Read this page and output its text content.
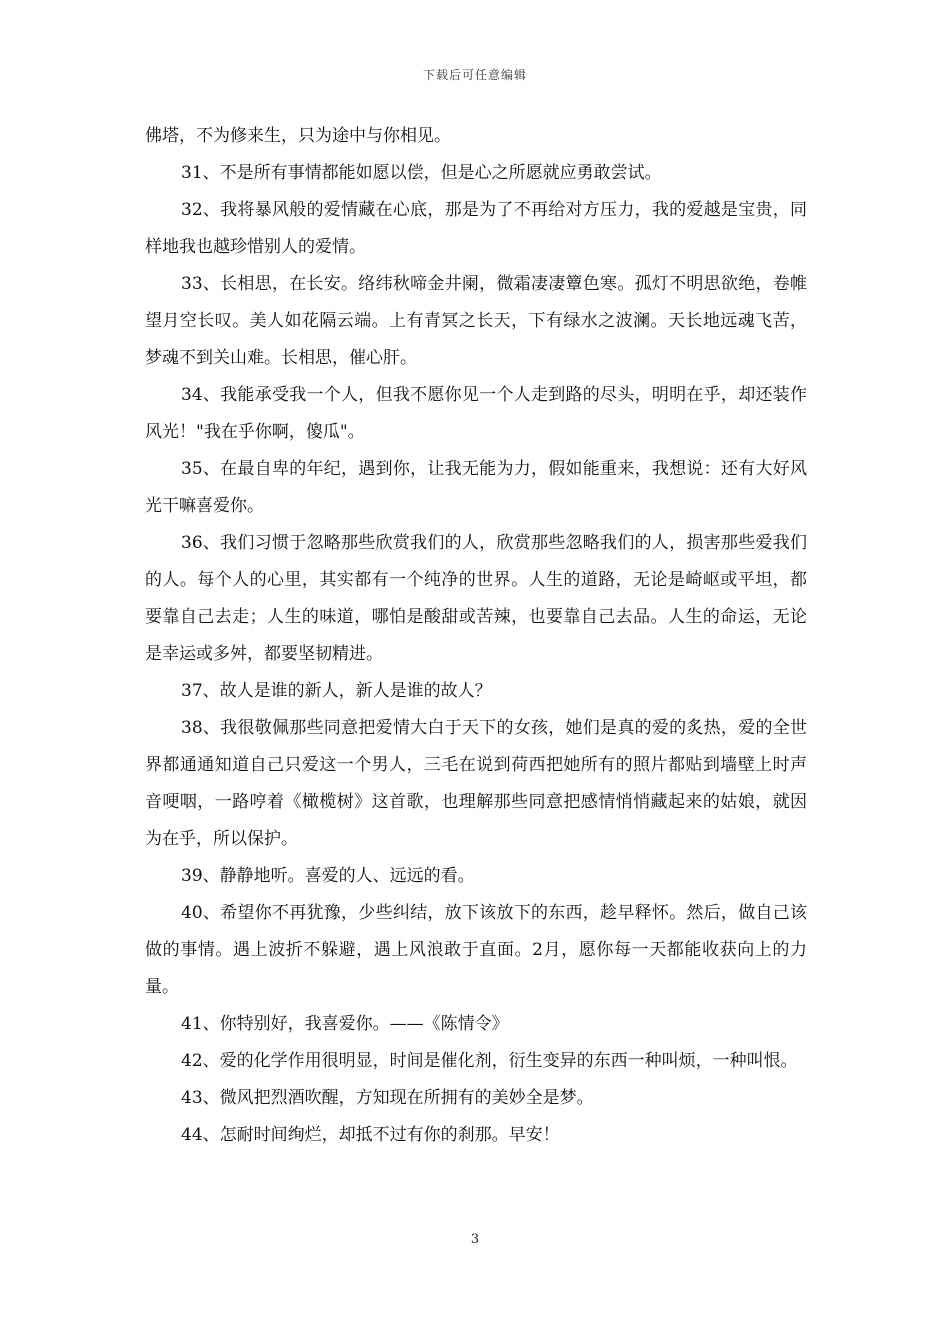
下载后可任意编辑

佛塔，不为修来生，只为途中与你相见。

31、不是所有事情都能如愿以偿，但是心之所愿就应勇敢尝试。

32、我将暴风般的爱情藏在心底，那是为了不再给对方压力，我的爱越是宝贵，同样地我也越珍惜别人的爱情。

33、长相思，在长安。络纬秋啼金井阑，微霜凄凄簟色寒。孤灯不明思欲绝，卷帷望月空长叹。美人如花隔云端。上有青冥之长天，下有绿水之波澜。天长地远魂飞苦，梦魂不到关山难。长相思，催心肝。

34、我能承受我一个人，但我不愿你见一个人走到路的尽头，明明在乎，却还装作风光！"我在乎你啊，傻瓜"。

35、在最自卑的年纪，遇到你，让我无能为力，假如能重来，我想说：还有大好风光干嘛喜爱你。

36、我们习惯于忽略那些欣赏我们的人，欣赏那些忽略我们的人，损害那些爱我们的人。每个人的心里，其实都有一个纯净的世界。人生的道路，无论是崎岖或平坦，都要靠自己去走；人生的味道，哪怕是酸甜或苦辣，也要靠自己去品。人生的命运，无论是幸运或多舛，都要坚韧精进。

37、故人是谁的新人，新人是谁的故人？

38、我很敬佩那些同意把爱情大白于天下的女孩，她们是真的爱的炙热，爱的全世界都通通知道自己只爱这一个男人，三毛在说到荷西把她所有的照片都贴到墙壁上时声音哽咽，一路哼着《橄榄树》这首歌，也理解那些同意把感情悄悄藏起来的姑娘，就因为在乎，所以保护。

39、静静地听。喜爱的人、远远的看。

40、希望你不再犹豫，少些纠结，放下该放下的东西，趁早释怀。然后，做自己该做的事情。遇上波折不躲避，遇上风浪敢于直面。2月，愿你每一天都能收获向上的力量。

41、你特别好，我喜爱你。——《陈情令》

42、爱的化学作用很明显，时间是催化剂，衍生变异的东西一种叫烦，一种叫恨。

43、微风把烈酒吹醒，方知现在所拥有的美妙全是梦。

44、怎耐时间绚烂，却抵不过有你的刹那。早安！

3
